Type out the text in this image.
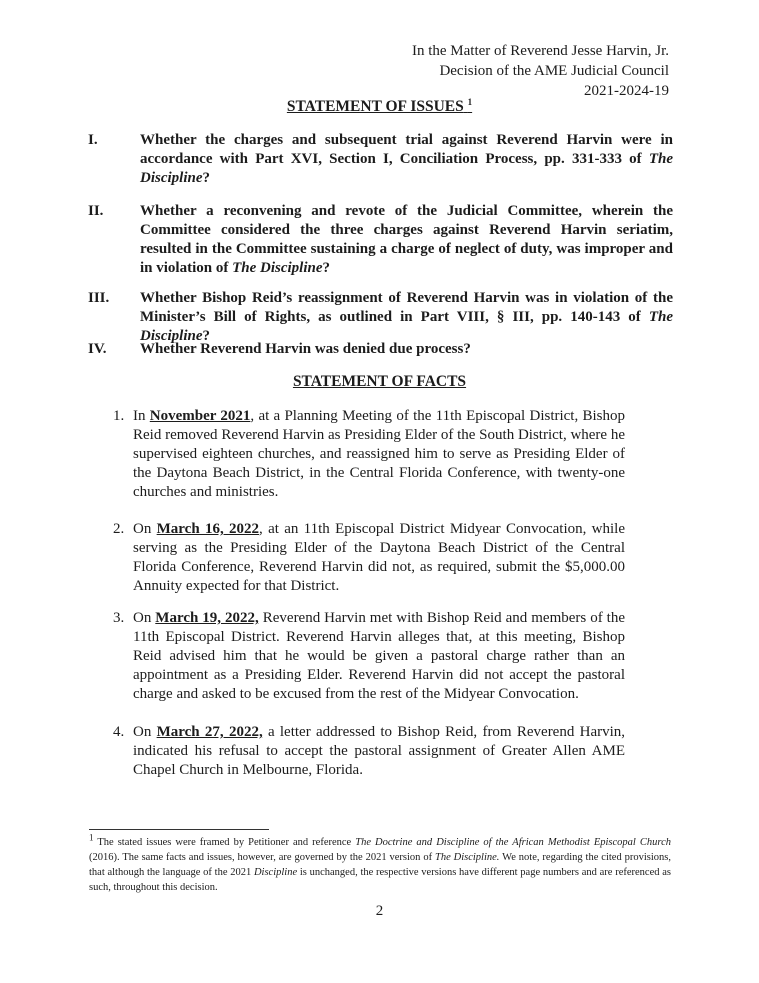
In the Matter of Reverend Jesse Harvin, Jr.
Decision of the AME Judicial Council
2021-2024-19
STATEMENT OF ISSUES $^1$
I.	Whether the charges and subsequent trial against Reverend Harvin were in accordance with Part XVI, Section I, Conciliation Process, pp. 331-333 of The Discipline?
II.	Whether a reconvening and revote of the Judicial Committee, wherein the Committee considered the three charges against Reverend Harvin seriatim, resulted in the Committee sustaining a charge of neglect of duty, was improper and in violation of The Discipline?
III.	Whether Bishop Reid’s reassignment of Reverend Harvin was in violation of the Minister’s Bill of Rights, as outlined in Part VIII, § III, pp. 140-143 of The Discipline?
IV.	Whether Reverend Harvin was denied due process?
STATEMENT OF FACTS
1. In November 2021, at a Planning Meeting of the 11th Episcopal District, Bishop Reid removed Reverend Harvin as Presiding Elder of the South District, where he supervised eighteen churches, and reassigned him to serve as Presiding Elder of the Daytona Beach District, in the Central Florida Conference, with twenty-one churches and ministries.
2. On March 16, 2022, at an 11th Episcopal District Midyear Convocation, while serving as the Presiding Elder of the Daytona Beach District of the Central Florida Conference, Reverend Harvin did not, as required, submit the $5,000.00 Annuity expected for that District.
3. On March 19, 2022, Reverend Harvin met with Bishop Reid and members of the 11th Episcopal District. Reverend Harvin alleges that, at this meeting, Bishop Reid advised him that he would be given a pastoral charge rather than an appointment as a Presiding Elder. Reverend Harvin did not accept the pastoral charge and asked to be excused from the rest of the Midyear Convocation.
4. On March 27, 2022, a letter addressed to Bishop Reid, from Reverend Harvin, indicated his refusal to accept the pastoral assignment of Greater Allen AME Chapel Church in Melbourne, Florida.
$^1$ The stated issues were framed by Petitioner and reference The Doctrine and Discipline of the African Methodist Episcopal Church (2016). The same facts and issues, however, are governed by the 2021 version of The Discipline. We note, regarding the cited provisions, that although the language of the 2021 Discipline is unchanged, the respective versions have different page numbers and are referenced as such, throughout this decision.
2
